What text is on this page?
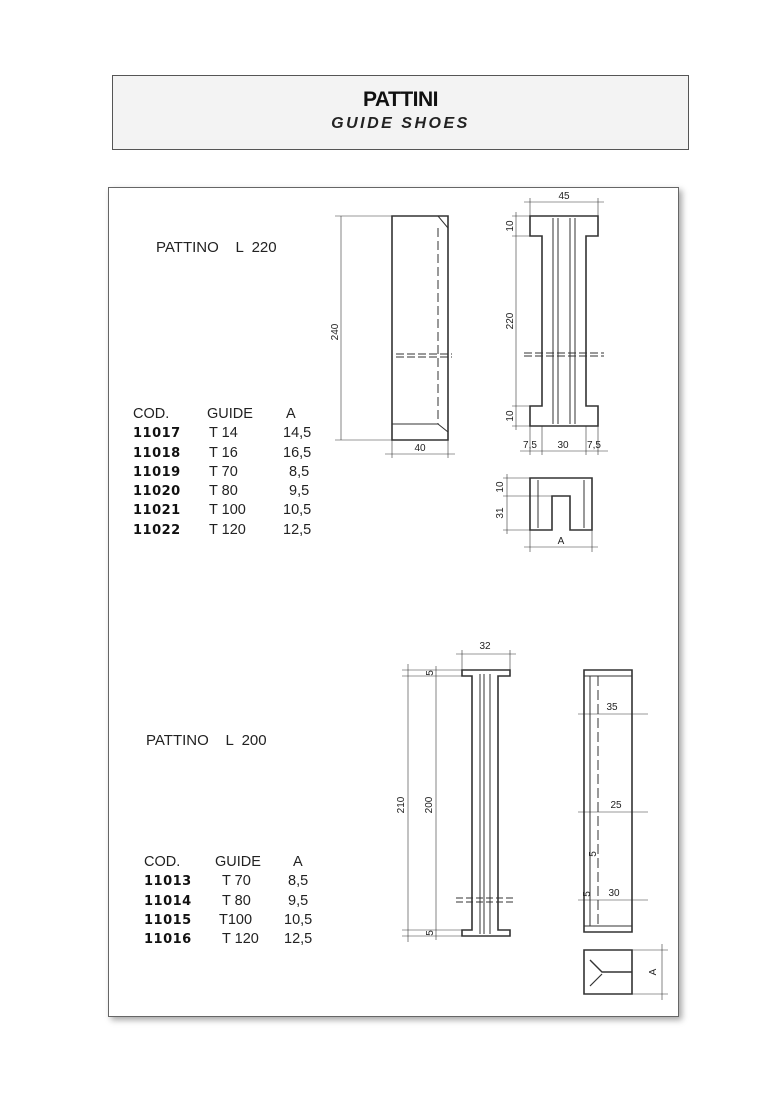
PATTINI
GUIDE SHOES
PATTINO    L  220
COD.	GUIDE A
11017 T 14	14,5
11018 T 16	16,5
11019 T 70	8,5
11020 T 80	9,5
11021 T 100	10,5
11022 T 120	12,5
PATTINO    L  200
COD. GUIDE A
11013 T 70	8,5
11014 T 80	9,5
11015 T100 10,5
11016 T 120 12,5
240
40
45
10
220
10
7,5 30 7,5
10
31
A
32
5
210 200
5
35
25
5
5 30
A
